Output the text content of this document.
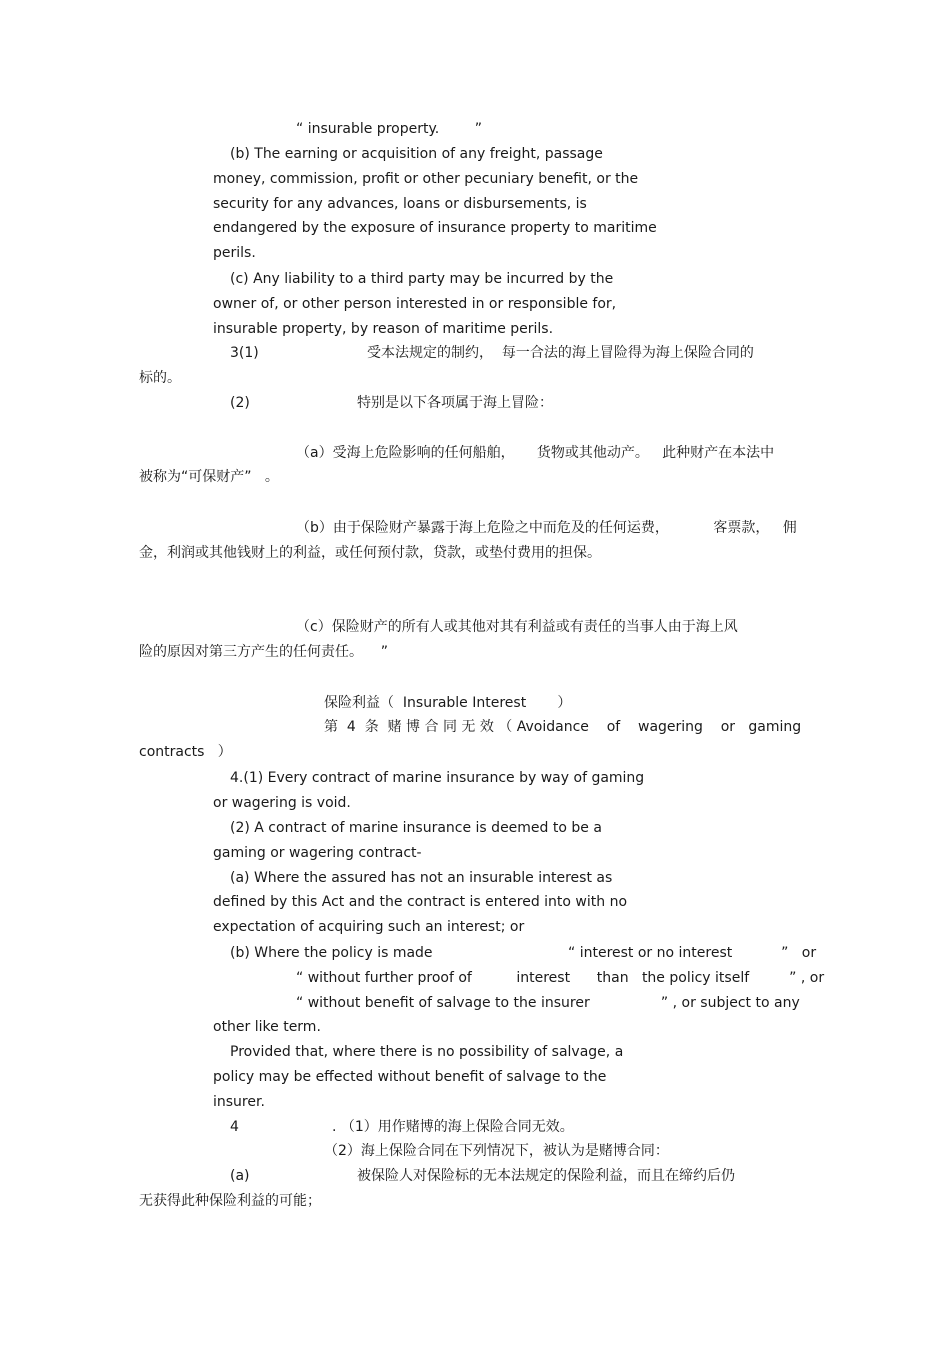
“ insurable property.        ”
(b) The earning or acquisition of any freight, passage
money, commission, profit or other pecuniary benefit, or the
security for any advances, loans or disbursements, is
endangered by the exposure of insurance property to maritime
perils.
(c) Any liability to a third party may be incurred by the
owner of, or other person interested in or responsible for,
insurable property, by reason of maritime perils.
3(1)	受本法规定的制约，  每一合法的海上冒险得为海上保险合同的
标的。
(2)	特别是以下各项属于海上冒险：
（a）受海上危险影响的任何船舶，     货物或其他动产。   此种财产在本法中
被称为“可保财产”   。
（b）由于保险财产暴露于海上危险之中而危及的任何运费，          客票款，   佣
金，利润或其他钱财上的利益，或任何预付款，贷款，或垫付费用的担保。
（c）保险财产的所有人或其他对其有利益或有责任的当事人由于海上风
险的原因对第三方产生的任何责任。    ”
保险利益（  Insurable Interest       ）
第  4  条  赌 博 合 同 无 效 （ Avoidance    of    wagering    or   gaming
contracts   ）
4.(1) Every contract of marine insurance by way of gaming
or wagering is void.
(2) A contract of marine insurance is deemed to be a
gaming or wagering contract-
(a) Where the assured has not an insurable interest as
defined by this Act and the contract is entered into with no
expectation of acquiring such an interest; or
(b) Where the policy is made	“ interest or no interest           ”   or
“ without further proof of          interest      than   the policy itself         ” , or
“ without benefit of salvage to the insurer                ” , or subject to any
other like term.
Provided that, where there is no possibility of salvage, a
policy may be effected without benefit of salvage to the
insurer.
4	. （1）用作赌博的海上保险合同无效。
（2）海上保险合同在下列情况下，被认为是赌博合同：
(a)	被保险人对保险标的无本法规定的保险利益，而且在缔约后仍
无获得此种保险利益的可能；
